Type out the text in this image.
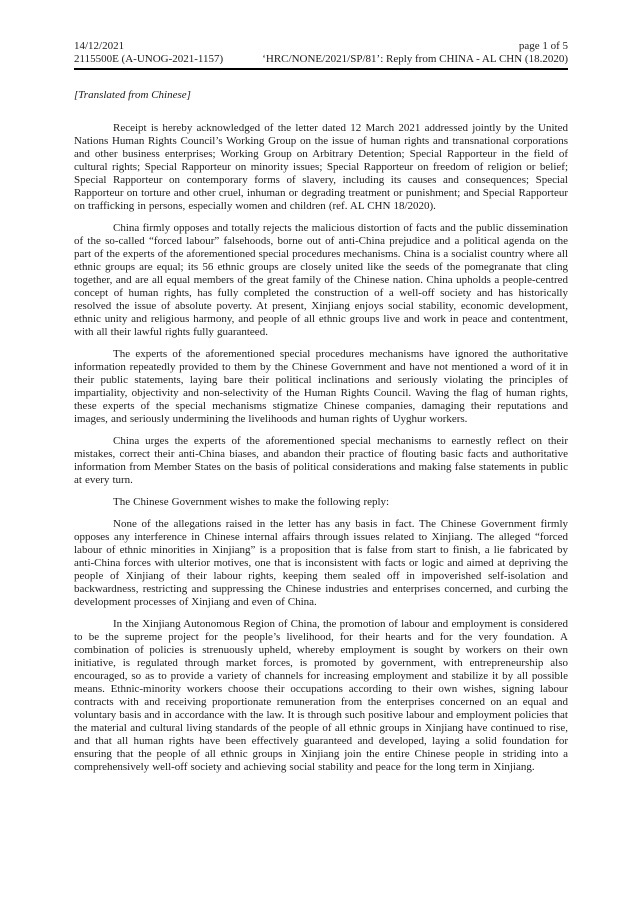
14/12/2021	page 1 of 5
2115500E (A-UNOG-2021-1157)	‘HRC/NONE/2021/SP/81’: Reply from CHINA - AL CHN (18.2020)
[Translated from Chinese]

Receipt is hereby acknowledged of the letter dated 12 March 2021 addressed jointly by the United Nations Human Rights Council’s Working Group on the issue of human rights and transnational corporations and other business enterprises; Working Group on Arbitrary Detention; Special Rapporteur in the field of cultural rights; Special Rapporteur on minority issues; Special Rapporteur on freedom of religion or belief; Special Rapporteur on contemporary forms of slavery, including its causes and consequences; Special Rapporteur on torture and other cruel, inhuman or degrading treatment or punishment; and Special Rapporteur on trafficking in persons, especially women and children (ref. AL CHN 18/2020).

China firmly opposes and totally rejects the malicious distortion of facts and the public dissemination of the so-called “forced labour” falsehoods, borne out of anti-China prejudice and a political agenda on the part of the experts of the aforementioned special procedures mechanisms. China is a socialist country where all ethnic groups are equal; its 56 ethnic groups are closely united like the seeds of the pomegranate that cling together, and are all equal members of the great family of the Chinese nation. China upholds a people-centred concept of human rights, has fully completed the construction of a well-off society and has historically resolved the issue of absolute poverty. At present, Xinjiang enjoys social stability, economic development, ethnic unity and religious harmony, and people of all ethnic groups live and work in peace and contentment, with all their lawful rights fully guaranteed.

The experts of the aforementioned special procedures mechanisms have ignored the authoritative information repeatedly provided to them by the Chinese Government and have not mentioned a word of it in their public statements, laying bare their political inclinations and seriously violating the principles of impartiality, objectivity and non-selectivity of the Human Rights Council. Waving the flag of human rights, these experts of the special mechanisms stigmatize Chinese companies, damaging their reputations and images, and seriously undermining the livelihoods and human rights of Uyghur workers.

China urges the experts of the aforementioned special mechanisms to earnestly reflect on their mistakes, correct their anti-China biases, and abandon their practice of flouting basic facts and authoritative information from Member States on the basis of political considerations and making false statements in public at every turn.

The Chinese Government wishes to make the following reply:

None of the allegations raised in the letter has any basis in fact. The Chinese Government firmly opposes any interference in Chinese internal affairs through issues related to Xinjiang. The alleged “forced labour of ethnic minorities in Xinjiang” is a proposition that is false from start to finish, a lie fabricated by anti-China forces with ulterior motives, one that is inconsistent with facts or logic and aimed at depriving the people of Xinjiang of their labour rights, keeping them sealed off in impoverished self-isolation and backwardness, restricting and suppressing the Chinese industries and enterprises concerned, and curbing the development processes of Xinjiang and even of China.

In the Xinjiang Autonomous Region of China, the promotion of labour and employment is considered to be the supreme project for the people’s livelihood, for their hearts and for the very foundation. A combination of policies is strenuously upheld, whereby employment is sought by workers on their own initiative, is regulated through market forces, is promoted by government, with entrepreneurship also encouraged, so as to provide a variety of channels for increasing employment and stabilize it by all possible means. Ethnic-minority workers choose their occupations according to their own wishes, signing labour contracts with and receiving proportionate remuneration from the enterprises concerned on an equal and voluntary basis and in accordance with the law. It is through such positive labour and employment policies that the material and cultural living standards of the people of all ethnic groups in Xinjiang have continued to rise, and that all human rights have been effectively guaranteed and developed, laying a solid foundation for ensuring that the people of all ethnic groups in Xinjiang join the entire Chinese people in striding into a comprehensively well-off society and achieving social stability and peace for the long term in Xinjiang.
